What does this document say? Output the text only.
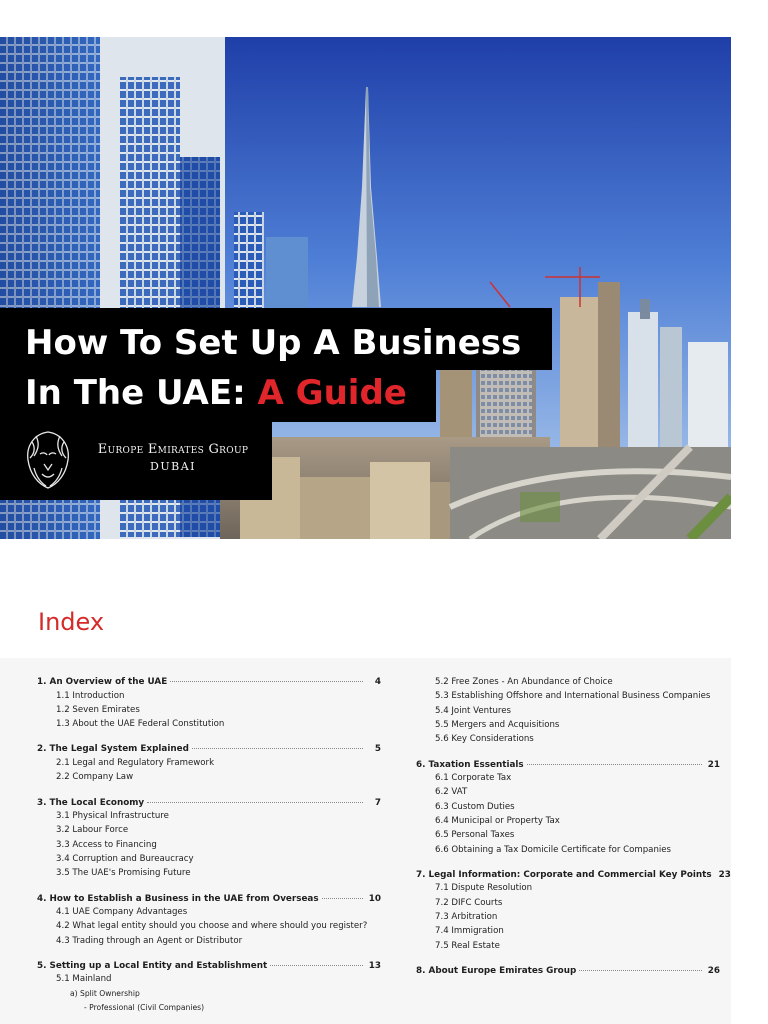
How To Set Up A Business
In The UAE: A Guide
Europe Emirates Group
DUBAI
Index
1. An Overview of the UAE	4
1.1 Introduction
1.2 Seven Emirates
1.3 About the UAE Federal Constitution
2. The Legal System Explained	5
2.1 Legal and Regulatory Framework
2.2 Company Law
3. The Local Economy	7
3.1 Physical Infrastructure
3.2 Labour Force
3.3 Access to Financing
3.4 Corruption and Bureaucracy
3.5 The UAE's Promising Future
4. How to Establish a Business in the UAE from Overseas	10
4.1 UAE Company Advantages
4.2 What legal entity should you choose and where should you register?
4.3 Trading through an Agent or Distributor
5. Setting up a Local Entity and Establishment	13
5.1 Mainland
a) Split Ownership
- Professional (Civil Companies)
5.2 Free Zones - An Abundance of Choice
5.3 Establishing Offshore and International Business Companies
5.4 Joint Ventures
5.5 Mergers and Acquisitions
5.6 Key Considerations
6. Taxation Essentials	21
6.1 Corporate Tax
6.2 VAT
6.3 Custom Duties
6.4 Municipal or Property Tax
6.5 Personal Taxes
6.6 Obtaining a Tax Domicile Certificate for Companies
7. Legal Information: Corporate and Commercial Key Points 23
7.1 Dispute Resolution
7.2 DIFC Courts
7.3 Arbitration
7.4 Immigration
7.5 Real Estate
8. About Europe Emirates Group	26
